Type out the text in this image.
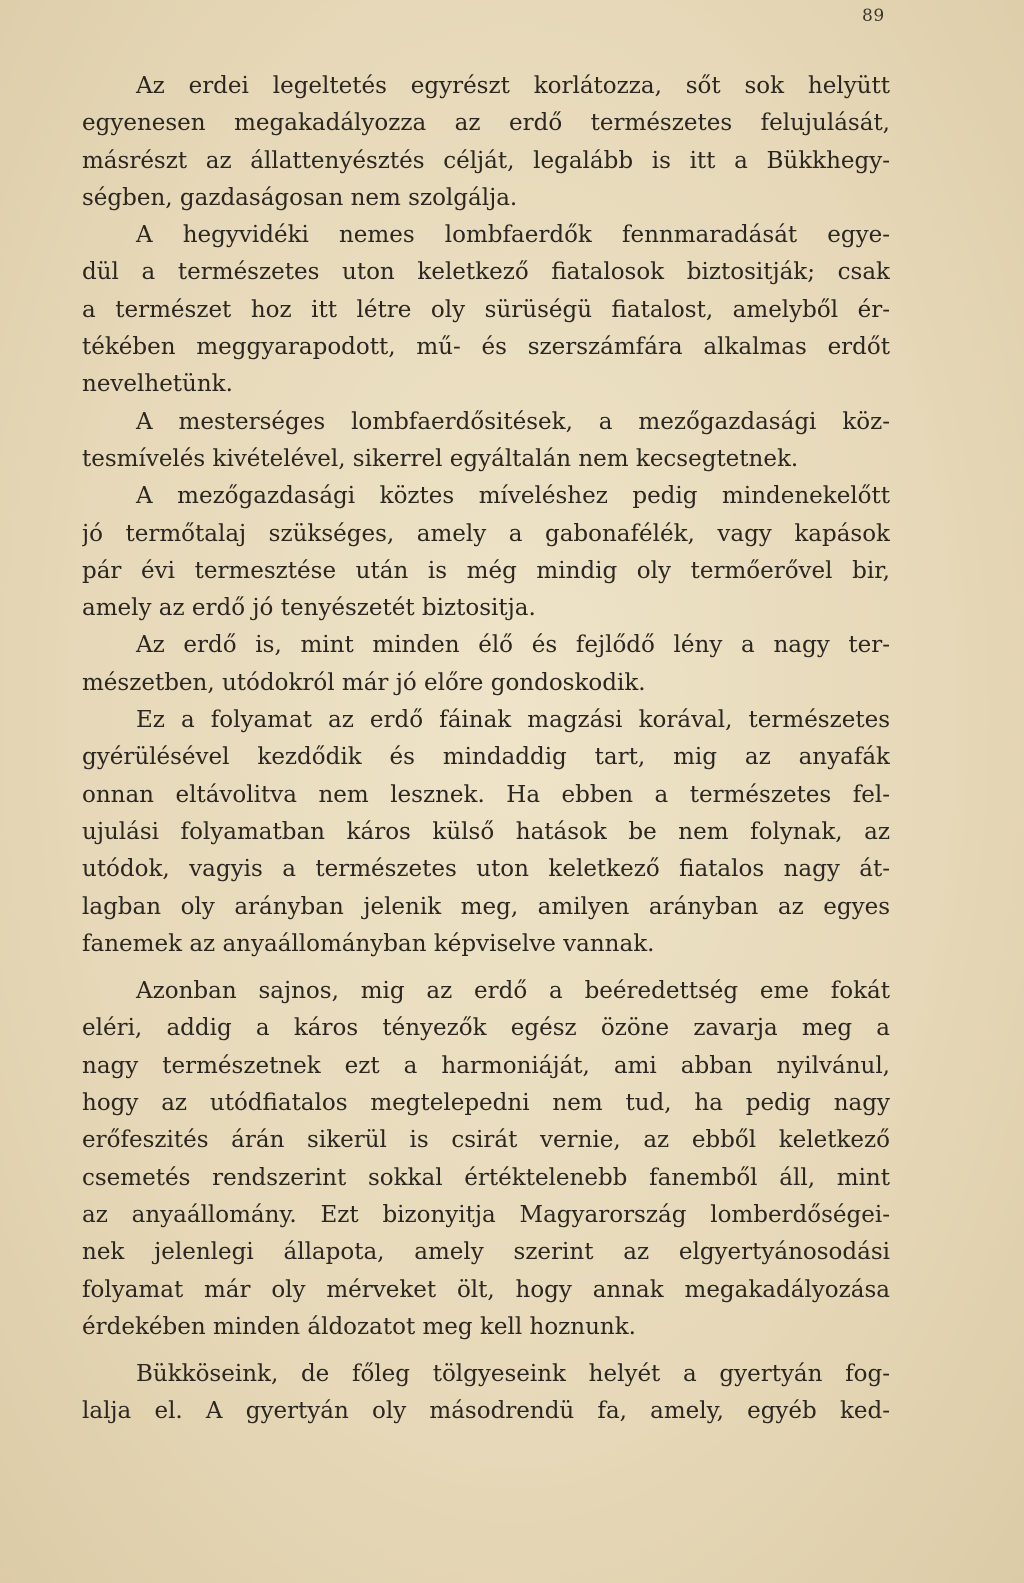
89
Az erdei legeltetés egyrészt korlátozza, sőt sok helyütt
egyenesen megakadályozza az erdő természetes felujulását,
másrészt az állattenyésztés célját, legalább is itt a Bükkhegy-
ségben, gazdaságosan nem szolgálja.
A hegyvidéki nemes lombfaerdők fennmaradását egye-
dül a természetes uton keletkező fiatalosok biztositják; csak
a természet hoz itt létre oly sürüségü fiatalost, amelyből ér-
tékében meggyarapodott, mű- és szerszámfára alkalmas erdőt
nevelhetünk.
A mesterséges lombfaerdősitések, a mezőgazdasági köz-
tesmívelés kivételével, sikerrel egyáltalán nem kecsegtetnek.
A mezőgazdasági köztes míveléshez pedig mindenekelőtt
jó termőtalaj szükséges, amely a gabonafélék, vagy kapások
pár évi termesztése után is még mindig oly termőerővel bir,
amely az erdő jó tenyészetét biztositja.
Az erdő is, mint minden élő és fejlődő lény a nagy ter-
mészetben, utódokról már jó előre gondoskodik.
Ez a folyamat az erdő fáinak magzási korával, természetes
gyérülésével kezdődik és mindaddig tart, mig az anyafák
onnan eltávolitva nem lesznek. Ha ebben a természetes fel-
ujulási folyamatban káros külső hatások be nem folynak, az
utódok, vagyis a természetes uton keletkező fiatalos nagy át-
lagban oly arányban jelenik meg, amilyen arányban az egyes
fanemek az anyaállományban képviselve vannak.
Azonban sajnos, mig az erdő a beéredettség eme fokát
eléri, addig a káros tényezők egész özöne zavarja meg a
nagy természetnek ezt a harmoniáját, ami abban nyilvánul,
hogy az utódfiatalos megtelepedni nem tud, ha pedig nagy
erőfeszités árán sikerül is csirát vernie, az ebből keletkező
csemetés rendszerint sokkal értéktelenebb fanemből áll, mint
az anyaállomány. Ezt bizonyitja Magyarország lomberdőségei-
nek jelenlegi állapota, amely szerint az elgyertyánosodási
folyamat már oly mérveket ölt, hogy annak megakadályozása
érdekében minden áldozatot meg kell hoznunk.
Bükköseink, de főleg tölgyeseink helyét a gyertyán fog-
lalja el. A gyertyán oly másodrendü fa, amely, egyéb ked-
